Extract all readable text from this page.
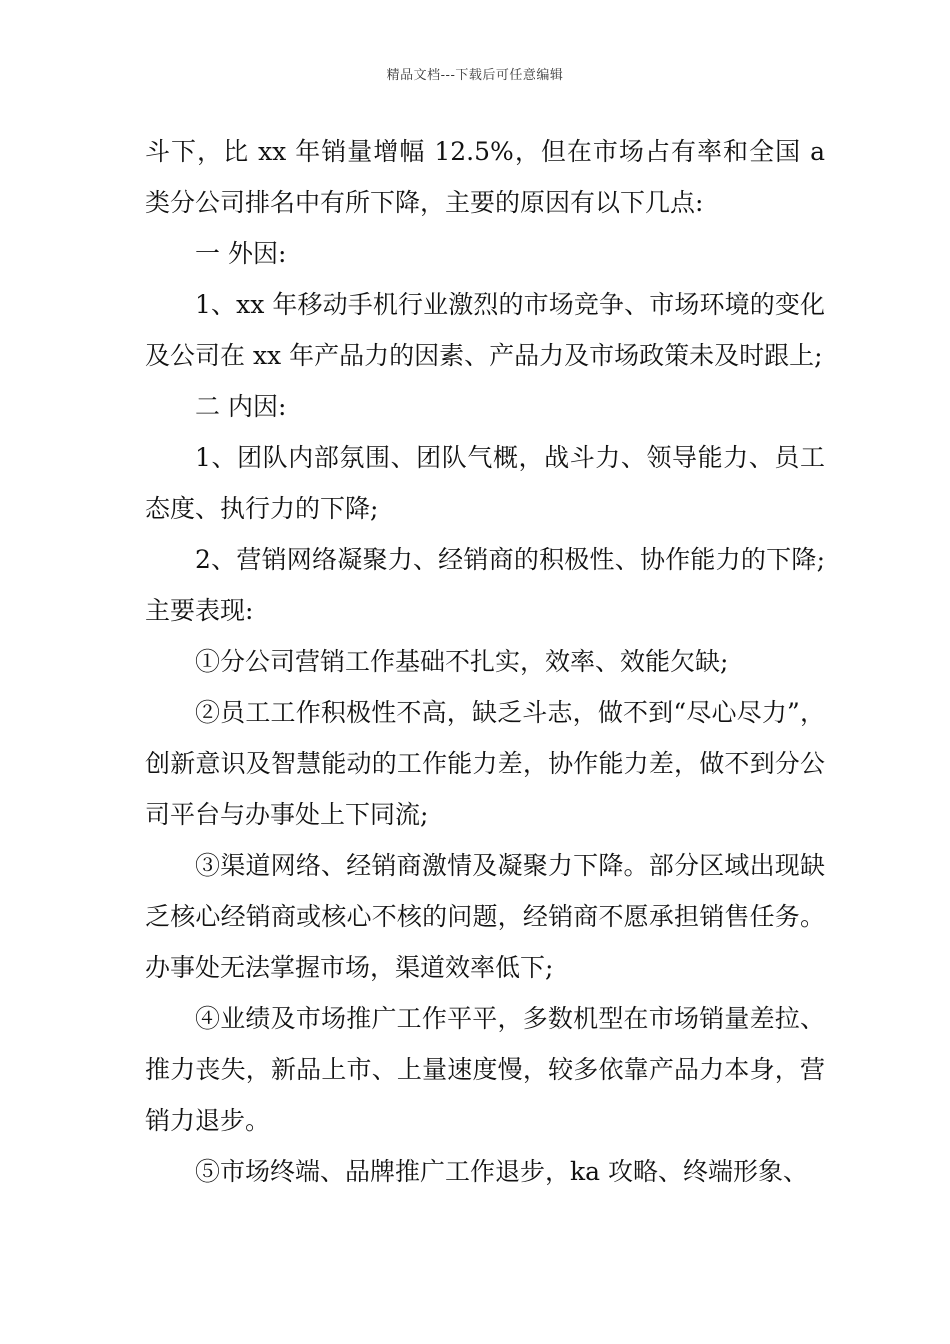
精品文档---下载后可任意编辑

斗下，比 xx 年销量增幅 12.5%，但在市场占有率和全国 a 类分公司排名中有所下降，主要的原因有以下几点:

一 外因:

1、xx 年移动手机行业激烈的市场竞争、市场环境的变化及公司在 xx 年产品力的因素、产品力及市场政策未及时跟上;

二 内因:

1、团队内部氛围、团队气概，战斗力、领导能力、员工态度、执行力的下降;

2、营销网络凝聚力、经销商的积极性、协作能力的下降;主要表现:

①分公司营销工作基础不扎实，效率、效能欠缺;

②员工工作积极性不高，缺乏斗志，做不到“尽心尽力”，创新意识及智慧能动的工作能力差，协作能力差，做不到分公司平台与办事处上下同流;

③渠道网络、经销商激情及凝聚力下降。部分区域出现缺乏核心经销商或核心不核的问题，经销商不愿承担销售任务。办事处无法掌握市场，渠道效率低下;

④业绩及市场推广工作平平，多数机型在市场销量差拉、推力丧失，新品上市、上量速度慢，较多依靠产品力本身，营销力退步。

⑤市场终端、品牌推广工作退步，ka 攻略、终端形象、
